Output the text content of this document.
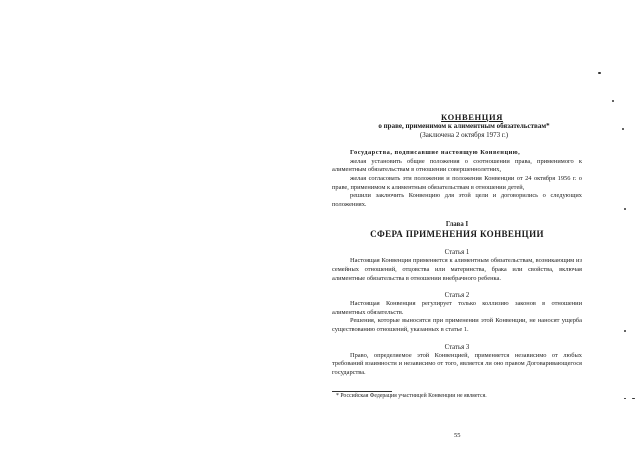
КОНВЕНЦИЯ
о праве, применимом к алиментным обязательствам*
(Заключена 2 октября 1973 г.)

Государства, подписавшие настоящую Конвенцию,

желая установить общие положения о соотношении права, применимого к алиментным обязательствам в отношении совершеннолетних,

желая согласовать эти положения и положения Конвенции от 24 октября 1956 г. о праве, применимом к алиментным обязательствам в отношении детей,

решили заключить Конвенцию для этой цели и договорились о следующих положениях.

Глава I
СФЕРА ПРИМЕНЕНИЯ КОНВЕНЦИИ
Статья 1

Настоящая Конвенция применяется к алиментным обязательствам, возникающим из семейных отношений, отцовства или материнства, брака или свойства, включая алиментные обязательства в отношении внебрачного ребенка.

Статья 2

Настоящая Конвенция регулирует только коллизию законов в отношении алиментных обязательств.

Решения, которые выносятся при применении этой Конвенции, не наносят ущерба существованию отношений, указанных в статье 1.

Статья 3

Право, определяемое этой Конвенцией, применяется независимо от любых требований взаимности и независимо от того, является ли оно правом Договаривающегося государства.

* Российская Федерация участницей Конвенции не является.
55
